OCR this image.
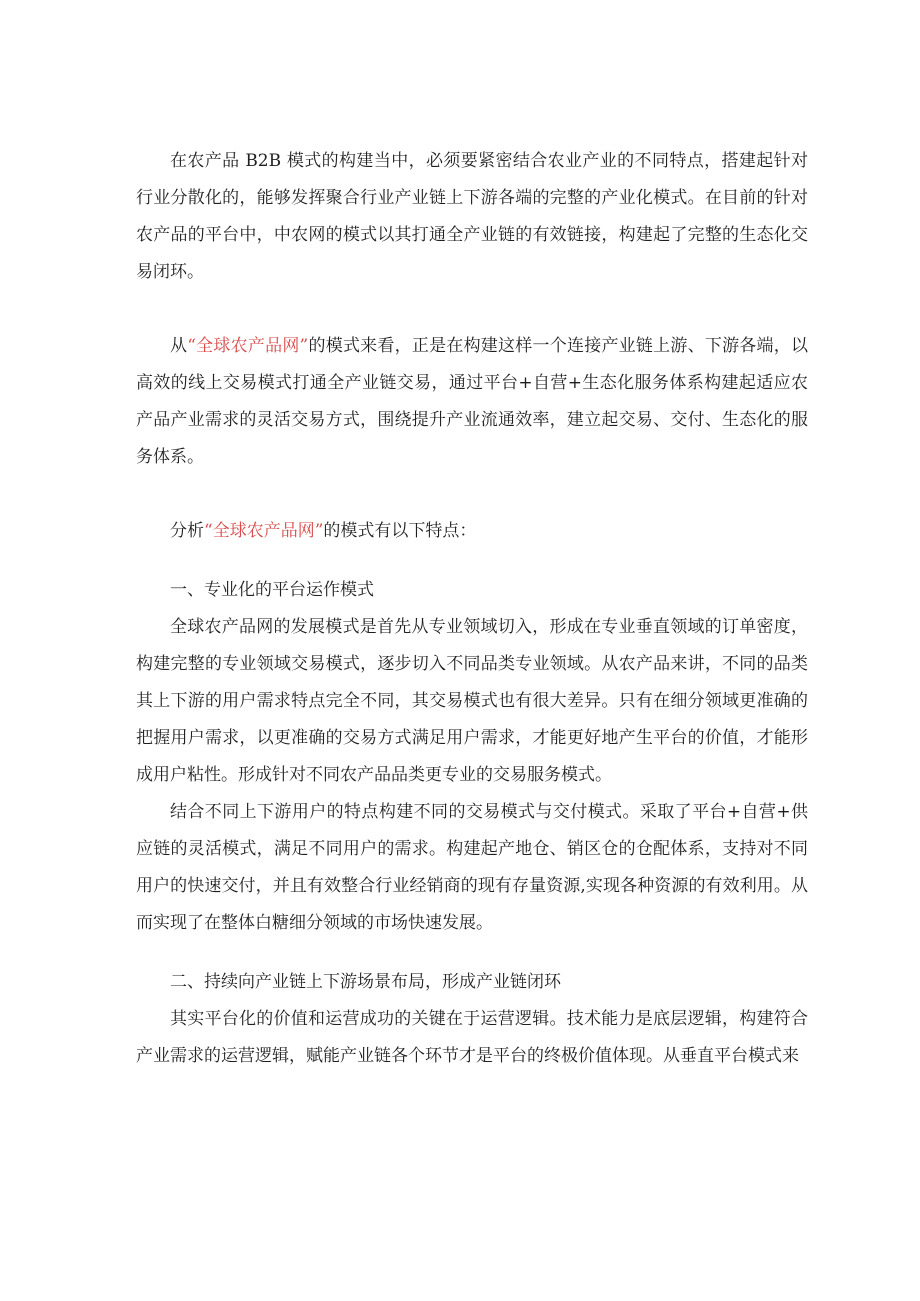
在农产品 B2B 模式的构建当中，必须要紧密结合农业产业的不同特点，搭建起针对行业分散化的，能够发挥聚合行业产业链上下游各端的完整的产业化模式。在目前的针对农产品的平台中，中农网的模式以其打通全产业链的有效链接，构建起了完整的生态化交易闭环。

从“全球农产品网”的模式来看，正是在构建这样一个连接产业链上游、下游各端，以高效的线上交易模式打通全产业链交易，通过平台+自营+生态化服务体系构建起适应农产品产业需求的灵活交易方式，围绕提升产业流通效率，建立起交易、交付、生态化的服务体系。

分析“全球农产品网”的模式有以下特点：

一、专业化的平台运作模式

全球农产品网的发展模式是首先从专业领域切入，形成在专业垂直领域的订单密度，构建完整的专业领域交易模式，逐步切入不同品类专业领域。从农产品来讲，不同的品类其上下游的用户需求特点完全不同，其交易模式也有很大差异。只有在细分领域更准确的把握用户需求，以更准确的交易方式满足用户需求，才能更好地产生平台的价值，才能形成用户粘性。形成针对不同农产品品类更专业的交易服务模式。

结合不同上下游用户的特点构建不同的交易模式与交付模式。采取了平台+自营+供应链的灵活模式，满足不同用户的需求。构建起产地仓、销区仓的仓配体系，支持对不同用户的快速交付，并且有效整合行业经销商的现有存量资源,实现各种资源的有效利用。从而实现了在整体白糖细分领域的市场快速发展。

二、持续向产业链上下游场景布局，形成产业链闭环

其实平台化的价值和运营成功的关键在于运营逻辑。技术能力是底层逻辑，构建符合产业需求的运营逻辑，赋能产业链各个环节才是平台的终极价值体现。从垂直平台模式来
